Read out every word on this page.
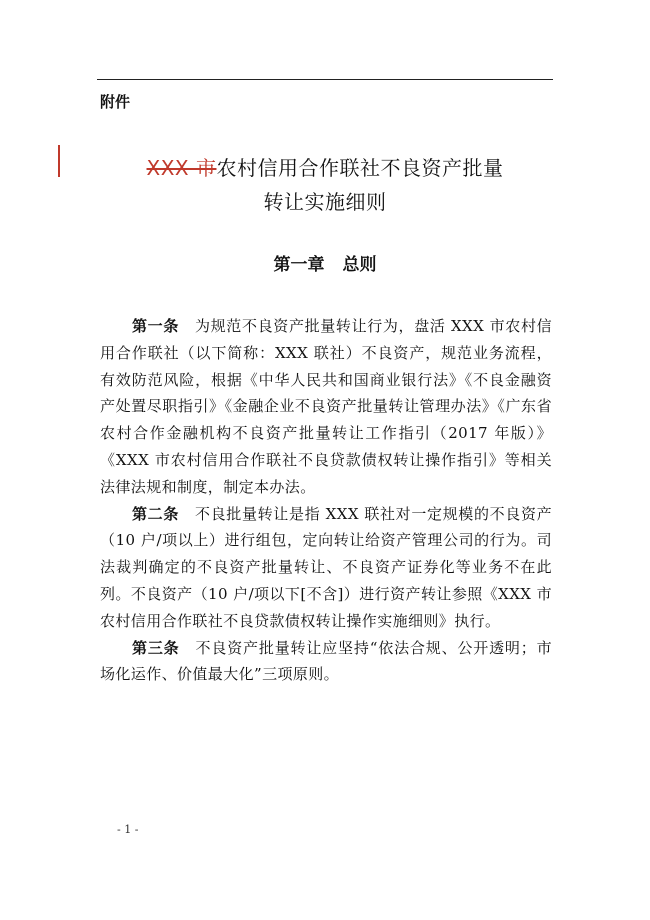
附件
XXX 市农村信用合作联社不良资产批量
转让实施细则
第一章 总则

第一条 为规范不良资产批量转让行为，盘活 XXX 市农村信用合作联社（以下简称：XXX 联社）不良资产，规范业务流程，有效防范风险，根据《中华人民共和国商业银行法》《不良金融资产处置尽职指引》《金融企业不良资产批量转让管理办法》《广东省农村合作金融机构不良资产批量转让工作指引（2017 年版）》《XXX 市农村信用合作联社不良贷款债权转让操作指引》等相关法律法规和制度，制定本办法。

第二条 不良批量转让是指 XXX 联社对一定规模的不良资产（10 户/项以上）进行组包，定向转让给资产管理公司的行为。司法裁判确定的不良资产批量转让、不良资产证券化等业务不在此列。不良资产（10 户/项以下[不含]）进行资产转让参照《XXX 市农村信用合作联社不良贷款债权转让操作实施细则》执行。

第三条 不良资产批量转让应坚持“依法合规、公开透明；市场化运作、价值最大化”三项原则。

- 1 -
